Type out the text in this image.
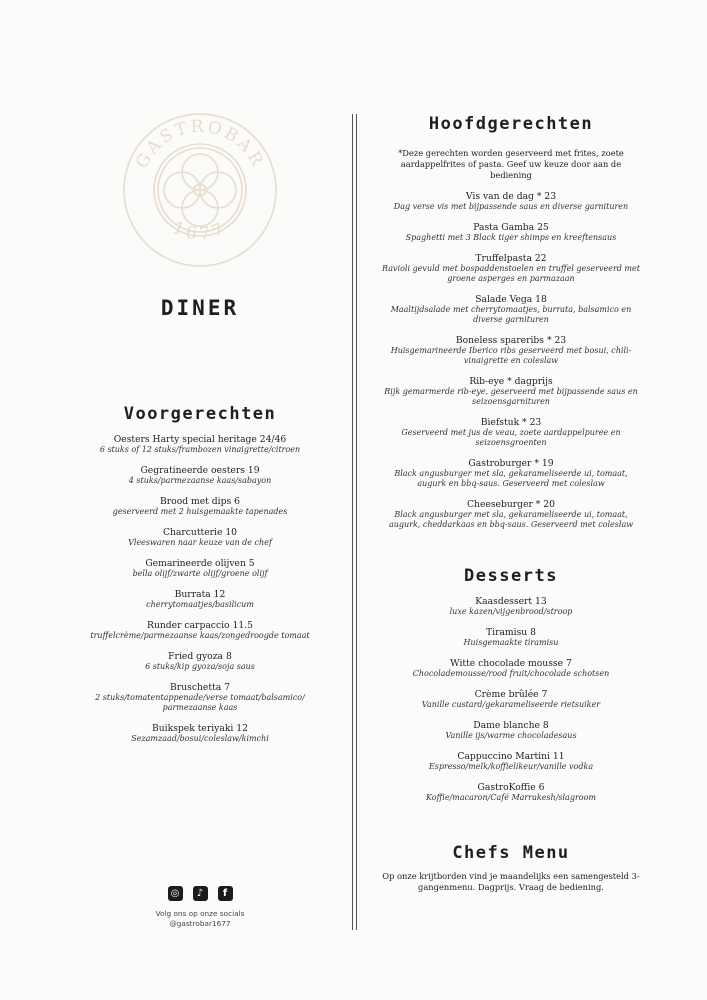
GASTROBAR
1677
DINER
Voorgerechten
Oesters Harty special heritage 24/46
6 stuks of 12 stuks/frambozen vinaigrette/citroen
Gegratineerde oesters 19
4 stuks/parmezaanse kaas/sabayon
Brood met dips 6
geserveerd met 2 huisgemaakte tapenades
Charcutterie 10
Vleeswaren naar keuze van de chef
Gemarineerde olijven 5
bella olijf/zwarte olijf/groene olijf
Burrata 12
cherrytomaatjes/basilicum
Runder carpaccio 11.5
truffelcrème/parmezaanse kaas/zongedroogde tomaat
Fried gyoza 8
6 stuks/kip gyoza/soja saus
Bruschetta 7
2 stuks/tomatentappenade/verse tomaat/balsamico/ parmezaanse kaas
Buikspek teriyaki 12
Sezamzaad/bosui/coleslaw/kimchi
◎	♪	f
Volg ons op onze socials
@gastrobar1677
Hoofdgerechten
*Deze gerechten worden geserveerd met frites, zoete aardappelfrites of pasta. Geef uw keuze door aan de bediening
Vis van de dag * 23
Dag verse vis met bijpassende saus en diverse garnituren
Pasta Gamba 25
Spaghetti met 3 Black tiger shimps en kreeftensaus
Truffelpasta 22
Ravioli gevuld met bospaddenstoelen en truffel geserveerd met groene asperges en parmazaan
Salade Vega 18
Maaltijdsalade met cherrytomaatjes, burrata, balsamico en diverse garnituren
Boneless spareribs * 23
Huisgemarineerde Iberico ribs geserveerd met bosui, chili-vinaigrette en coleslaw
Rib-eye * dagprijs
Rijk gemarmerde rib-eye, geserveerd met bijpassende saus en seizoensgarnituren
Biefstuk * 23
Geserveerd met jus de veau, zoete aardappelpuree en seizoensgroenten
Gastroburger * 19
Black angusburger met sla, gekarameliseerde ui, tomaat, augurk en bbq-saus. Geserveerd met coleslaw
Cheeseburger * 20
Black angusburger met sla, gekarameliseerde ui, tomaat, augurk, cheddarkaas en bbq-saus. Geserveerd met coleslaw
Desserts
Kaasdessert 13
luxe kazen/vijgenbrood/stroop
Tiramisu 8
Huisgemaakte tiramisu
Witte chocolade mousse 7
Chocolademousse/rood fruit/chocolade schotsen
Crème brûlée 7
Vanille custard/gekarameliseerde rietsuiker
Dame blanche 8
Vanille ijs/warme chocoladesaus
Cappuccino Martini 11
Espresso/melk/koffielikeur/vanille vodka
GastroKoffie 6
Koffie/macaron/Café Marrakesh/slagroom
Chefs Menu
Op onze krijtborden vind je maandelijks een samengesteld 3- gangenmenu. Dagprijs. Vraag de bediening.
